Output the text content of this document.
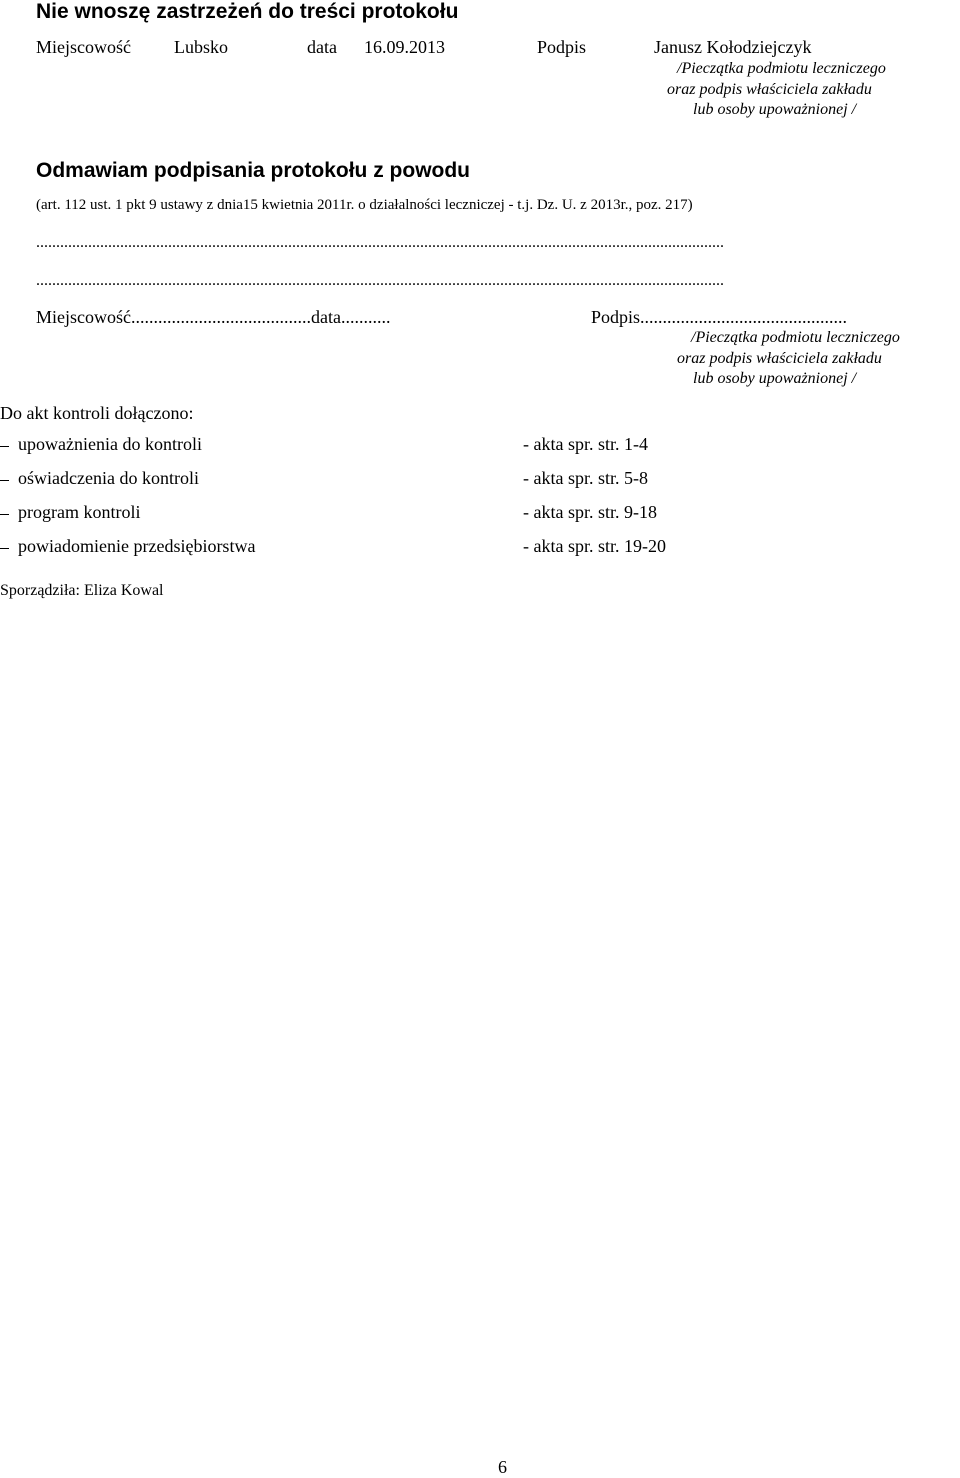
Nie wnoszę zastrzeżeń do treści protokołu
Miejscowość Lubsko	data 16.09.2013	Podpis	Janusz Kołodziejczyk
/Pieczątka podmiotu leczniczego
oraz podpis właściciela zakładu
lub osoby upoważnionej /
Odmawiam podpisania protokołu z powodu
(art. 112 ust. 1 pkt 9 ustawy z dnia15 kwietnia 2011r. o działalności leczniczej - t.j. Dz. U. z 2013r., poz. 217)
............................................................................................................................................................................
............................................................................................................................................................................
Miejscowość........................................data...........	Podpis..............................................
/Pieczątka podmiotu leczniczego
oraz podpis właściciela zakładu
lub osoby upoważnionej /
Do akt kontroli dołączono:
upoważnienia do kontroli	- akta spr. str. 1-4
oświadczenia do kontroli	- akta spr. str. 5-8
program kontroli	- akta spr. str. 9-18
powiadomienie przedsiębiorstwa	- akta spr. str. 19-20
Sporządziła: Eliza Kowal
6
